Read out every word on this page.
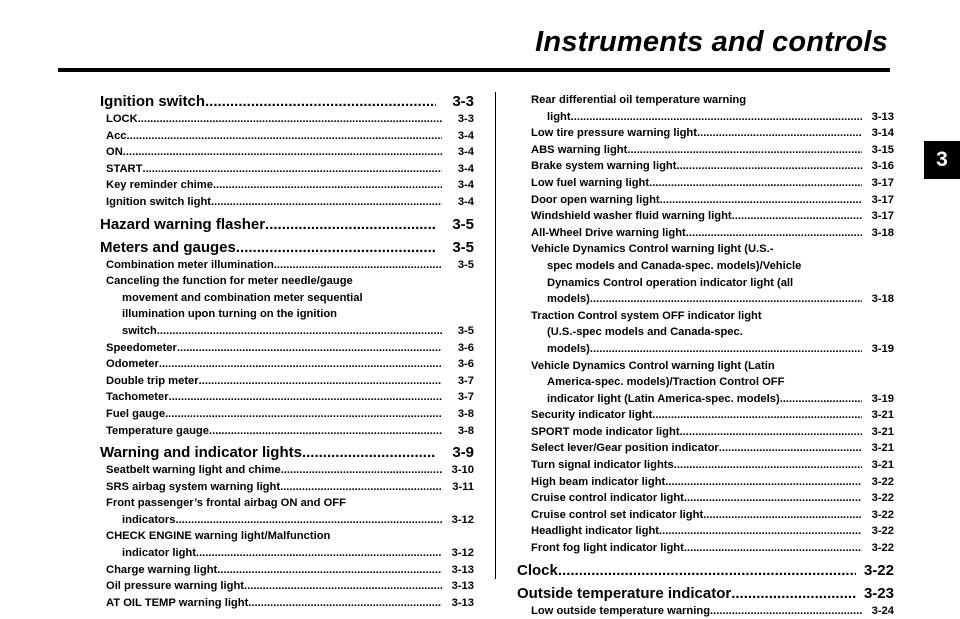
Instruments and controls
3
Ignition switch .....	3-3
LOCK .....	3-3
Acc .....	3-4
ON .....	3-4
START .....	3-4
Key reminder chime .....	3-4
Ignition switch light .....	3-4
Hazard warning flasher .....	3-5
Meters and gauges .....	3-5
Combination meter illumination .....	3-5
Canceling the function for meter needle/gauge
movement and combination meter sequential
illumination upon turning on the ignition
switch .....	3-5
Speedometer .....	3-6
Odometer .....	3-6
Double trip meter .....	3-7
Tachometer .....	3-7
Fuel gauge .....	3-8
Temperature gauge .....	3-8
Warning and indicator lights .....	3-9
Seatbelt warning light and chime .....	3-10
SRS airbag system warning light .....	3-11
Front passenger’s frontal airbag ON and OFF
indicators .....	3-12
CHECK ENGINE warning light/Malfunction
indicator light .....	3-12
Charge warning light .....	3-13
Oil pressure warning light .....	3-13
AT OIL TEMP warning light .....	3-13
Rear differential oil temperature warning
light .....	3-13
Low tire pressure warning light .....	3-14
ABS warning light .....	3-15
Brake system warning light .....	3-16
Low fuel warning light .....	3-17
Door open warning light .....	3-17
Windshield washer fluid warning light .....	3-17
All-Wheel Drive warning light .....	3-18
Vehicle Dynamics Control warning light (U.S.-
spec models and Canada-spec. models)/Vehicle
Dynamics Control operation indicator light (all
models) .....	3-18
Traction Control system OFF indicator light
(U.S.-spec models and Canada-spec.
models) .....	3-19
Vehicle Dynamics Control warning light (Latin
America-spec. models)/Traction Control OFF
indicator light (Latin America-spec. models) .....	3-19
Security indicator light .....	3-21
SPORT mode indicator light .....	3-21
Select lever/Gear position indicator .....	3-21
Turn signal indicator lights .....	3-21
High beam indicator light .....	3-22
Cruise control indicator light .....	3-22
Cruise control set indicator light .....	3-22
Headlight indicator light .....	3-22
Front fog light indicator light .....	3-22
Clock .....	3-22
Outside temperature indicator .....	3-23
Low outside temperature warning .....	3-24
